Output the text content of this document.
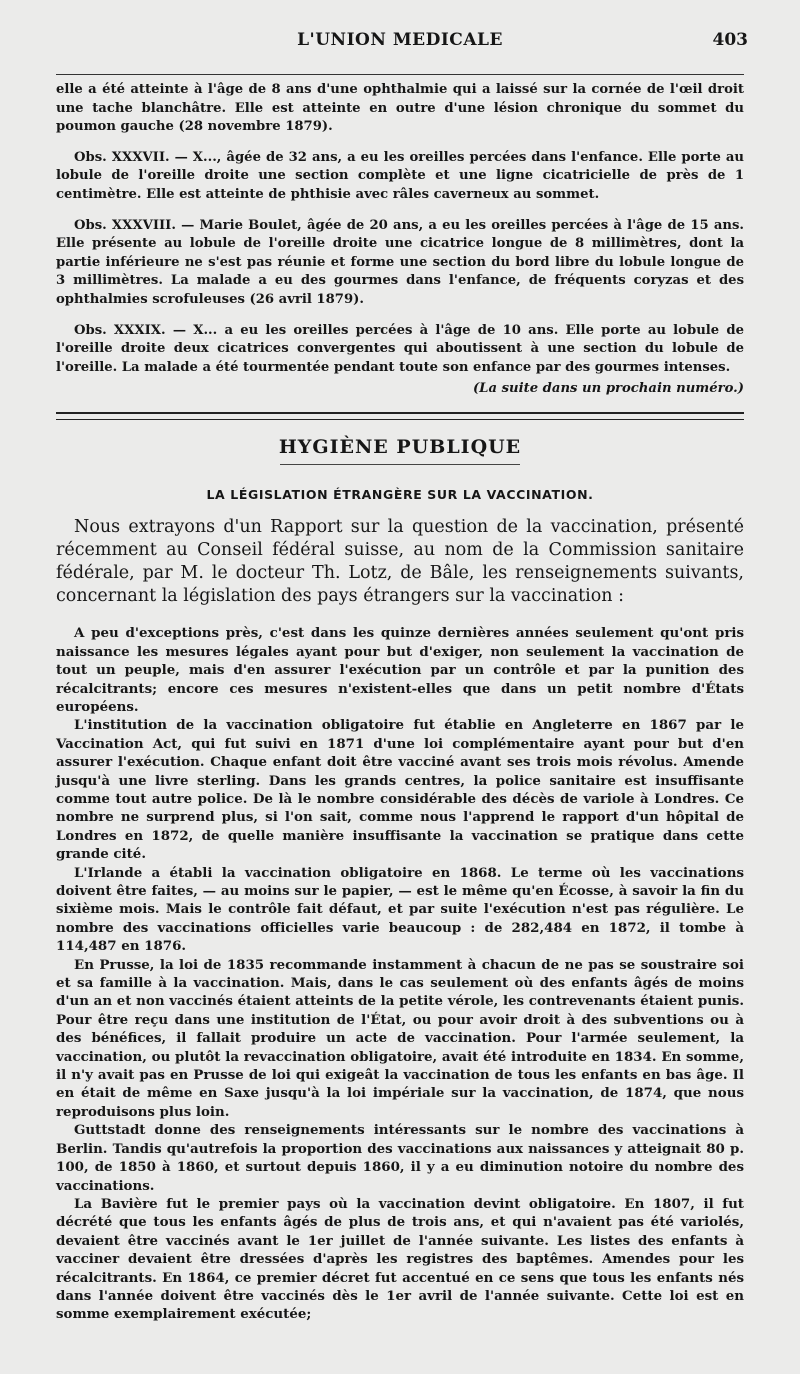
L'UNION MEDICALE	403

elle a été atteinte à l'âge de 8 ans d'une ophthalmie qui a laissé sur la cornée de l'œil droit une tache blanchâtre. Elle est atteinte en outre d'une lésion chronique du sommet du poumon gauche (28 novembre 1879).

Obs. XXXVII. — X..., âgée de 32 ans, a eu les oreilles percées dans l'enfance. Elle porte au lobule de l'oreille droite une section complète et une ligne cicatricielle de près de 1 centimètre. Elle est atteinte de phthisie avec râles caverneux au sommet.

Obs. XXXVIII. — Marie Boulet, âgée de 20 ans, a eu les oreilles percées à l'âge de 15 ans. Elle présente au lobule de l'oreille droite une cicatrice longue de 8 millimètres, dont la partie inférieure ne s'est pas réunie et forme une section du bord libre du lobule longue de 3 millimètres. La malade a eu des gourmes dans l'enfance, de fréquents coryzas et des ophthalmies scrofuleuses (26 avril 1879).

Obs. XXXIX. — X... a eu les oreilles percées à l'âge de 10 ans. Elle porte au lobule de l'oreille droite deux cicatrices convergentes qui aboutissent à une section du lobule de l'oreille. La malade a été tourmentée pendant toute son enfance par des gourmes intenses.

(La suite dans un prochain numéro.)
HYGIÈNE PUBLIQUE
LA LÉGISLATION ÉTRANGÈRE SUR LA VACCINATION.

Nous extrayons d'un Rapport sur la question de la vaccination, présenté récemment au Conseil fédéral suisse, au nom de la Commission sanitaire fédérale, par M. le docteur Th. Lotz, de Bâle, les renseignements suivants, concernant la législation des pays étrangers sur la vaccination :

A peu d'exceptions près, c'est dans les quinze dernières années seulement qu'ont pris naissance les mesures légales ayant pour but d'exiger, non seulement la vaccination de tout un peuple, mais d'en assurer l'exécution par un contrôle et par la punition des récalcitrants; encore ces mesures n'existent-elles que dans un petit nombre d'États européens.

L'institution de la vaccination obligatoire fut établie en Angleterre en 1867 par le Vaccination Act, qui fut suivi en 1871 d'une loi complémentaire ayant pour but d'en assurer l'exécution. Chaque enfant doit être vacciné avant ses trois mois révolus. Amende jusqu'à une livre sterling. Dans les grands centres, la police sanitaire est insuffisante comme tout autre police. De là le nombre considérable des décès de variole à Londres. Ce nombre ne surprend plus, si l'on sait, comme nous l'apprend le rapport d'un hôpital de Londres en 1872, de quelle manière insuffisante la vaccination se pratique dans cette grande cité.

L'Irlande a établi la vaccination obligatoire en 1868. Le terme où les vaccinations doivent être faites, — au moins sur le papier, — est le même qu'en Écosse, à savoir la fin du sixième mois. Mais le contrôle fait défaut, et par suite l'exécution n'est pas régulière. Le nombre des vaccinations officielles varie beaucoup : de 282,484 en 1872, il tombe à 114,487 en 1876.

En Prusse, la loi de 1835 recommande instamment à chacun de ne pas se soustraire soi et sa famille à la vaccination. Mais, dans le cas seulement où des enfants âgés de moins d'un an et non vaccinés étaient atteints de la petite vérole, les contrevenants étaient punis. Pour être reçu dans une institution de l'État, ou pour avoir droit à des subventions ou à des bénéfices, il fallait produire un acte de vaccination. Pour l'armée seulement, la vaccination, ou plutôt la revaccination obligatoire, avait été introduite en 1834. En somme, il n'y avait pas en Prusse de loi qui exigeât la vaccination de tous les enfants en bas âge. Il en était de même en Saxe jusqu'à la loi impériale sur la vaccination, de 1874, que nous reproduisons plus loin.

Guttstadt donne des renseignements intéressants sur le nombre des vaccinations à Berlin. Tandis qu'autrefois la proportion des vaccinations aux naissances y atteignait 80 p. 100, de 1850 à 1860, et surtout depuis 1860, il y a eu diminution notoire du nombre des vaccinations.

La Bavière fut le premier pays où la vaccination devint obligatoire. En 1807, il fut décrété que tous les enfants âgés de plus de trois ans, et qui n'avaient pas été variolés, devaient être vaccinés avant le 1er juillet de l'année suivante. Les listes des enfants à vacciner devaient être dressées d'après les registres des baptêmes. Amendes pour les récalcitrants. En 1864, ce premier décret fut accentué en ce sens que tous les enfants nés dans l'année doivent être vaccinés dès le 1er avril de l'année suivante. Cette loi est en somme exemplairement exécutée;
